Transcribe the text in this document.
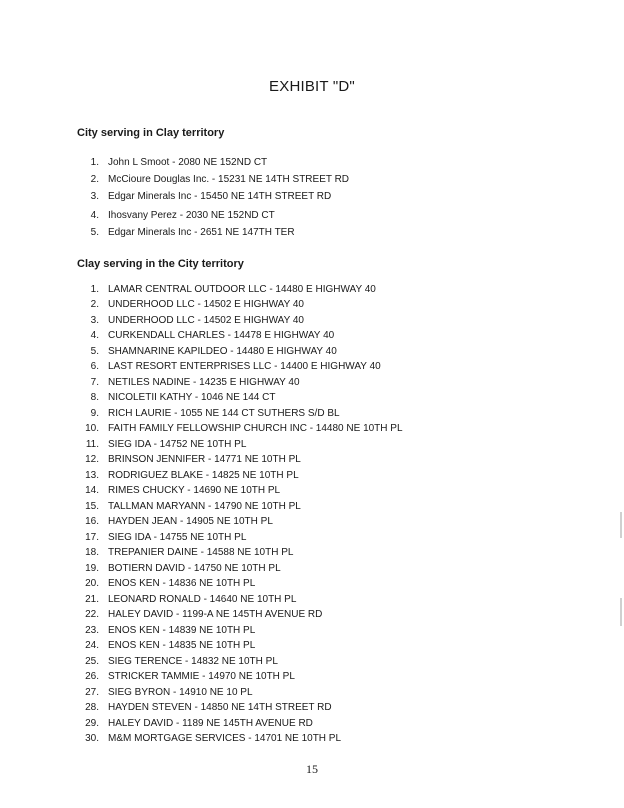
EXHIBIT "D"
City serving in Clay territory
1. John L Smoot - 2080 NE 152ND CT
2. McCioure Douglas Inc. - 15231 NE 14TH STREET RD
3. Edgar Minerals Inc - 15450 NE 14TH STREET RD
4. Ihosvany Perez - 2030 NE 152ND CT
5. Edgar Minerals Inc - 2651 NE 147TH TER
Clay serving in the City territory
1. LAMAR CENTRAL OUTDOOR LLC - 14480 E HIGHWAY 40
2. UNDERHOOD LLC - 14502 E HIGHWAY 40
3. UNDERHOOD LLC - 14502 E HIGHWAY 40
4. CURKENDALL CHARLES - 14478 E HIGHWAY 40
5. SHAMNARINE KAPILDEO - 14480 E HIGHWAY 40
6. LAST RESORT ENTERPRISES LLC - 14400 E HIGHWAY 40
7. NETILES NADINE - 14235 E HIGHWAY 40
8. NICOLETII KATHY - 1046 NE 144 CT
9. RICH LAURIE - 1055 NE 144 CT SUTHERS S/D BL
10. FAITH FAMILY FELLOWSHIP CHURCH INC - 14480 NE 10TH PL
11. SIEG IDA - 14752 NE 10TH PL
12. BRINSON JENNIFER - 14771 NE 10TH PL
13. RODRIGUEZ BLAKE - 14825 NE 10TH PL
14. RIMES CHUCKY - 14690 NE 10TH PL
15. TALLMAN MARYANN - 14790 NE 10TH PL
16. HAYDEN JEAN - 14905 NE 10TH PL
17. SIEG IDA - 14755 NE 10TH PL
18. TREPANIER DAINE - 14588 NE 10TH PL
19. BOTIERN DAVID - 14750 NE 10TH PL
20. ENOS KEN - 14836 NE 10TH PL
21. LEONARD RONALD - 14640 NE 10TH PL
22. HALEY DAVID - 1199-A NE 145TH AVENUE RD
23. ENOS KEN - 14839 NE 10TH PL
24. ENOS KEN - 14835 NE 10TH PL
25. SIEG TERENCE - 14832 NE 10TH PL
26. STRICKER TAMMIE - 14970 NE 10TH PL
27. SIEG BYRON - 14910 NE 10 PL
28. HAYDEN STEVEN - 14850 NE 14TH STREET RD
29. HALEY DAVID - 1189 NE 145TH AVENUE RD
30. M&M MORTGAGE SERVICES - 14701 NE 10TH PL
15
